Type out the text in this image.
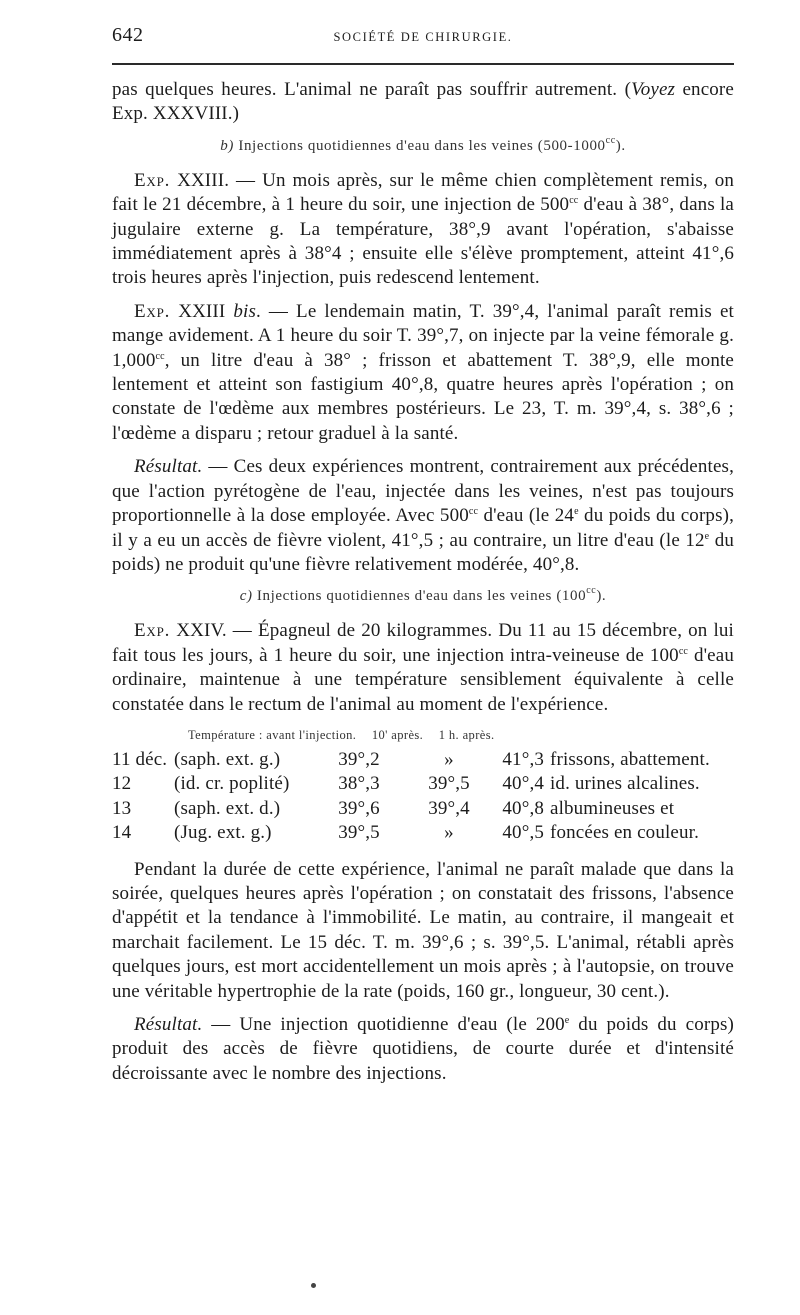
642	SOCIÉTÉ DE CHIRURGIE.

pas quelques heures. L'animal ne paraît pas souffrir autrement. (Voyez encore Exp. XXXVIII.)

b) Injections quotidiennes d'eau dans les veines $(500-1000^{cc})$.

Exp. XXIII. — Un mois après, sur le même chien complètement remis, on fait le 21 décembre, à 1 heure du soir, une injection de $500^{cc}$ d'eau à 38°, dans la jugulaire externe g. La température, 38°,9 avant l'opération, s'abaisse immédiatement après à 38°4 ; ensuite elle s'élève promptement, atteint 41°,6 trois heures après l'injection, puis redescend lentement.

Exp. XXIII bis. — Le lendemain matin, T. 39°,4, l'animal paraît remis et mange avidement. A 1 heure du soir T. 39°,7, on injecte par la veine fémorale g. 1,000$^{cc}$, un litre d'eau à 38° ; frisson et abattement T. 38°,9, elle monte lentement et atteint son fastigium 40°,8, quatre heures après l'opération ; on constate de l'œdème aux membres postérieurs. Le 23, T. m. 39°,4, s. 38°,6 ; l'œdème a disparu ; retour graduel à la santé.

Résultat. — Ces deux expériences montrent, contrairement aux précédentes, que l'action pyrétogène de l'eau, injectée dans les veines, n'est pas toujours proportionnelle à la dose employée. Avec $500^{cc}$ d'eau (le 24e du poids du corps), il y a eu un accès de fièvre violent, 41°,5 ; au contraire, un litre d'eau (le 12e du poids) ne produit qu'une fièvre relativement modérée, 40°,8.

c) Injections quotidiennes d'eau dans les veines $(100^{cc})$.

Exp. XXIV. — Épagneul de 20 kilogrammes. Du 11 au 15 décembre, on lui fait tous les jours, à 1 heure du soir, une injection intra-veineuse de $100^{cc}$ d'eau ordinaire, maintenue à une température sensiblement équivalente à celle constatée dans le rectum de l'animal au moment de l'expérience.

Température : avant l'injection. 10' après. 1 h. après.

11 déc.	(saph. ext. g.)	39°,2	»	41°,3	frissons, abattement.
12	(id. cr. poplité)	38°,3	39°,5	40°,4	id. urines alcalines.
13	(saph. ext. d.)	39°,6	39°,4	40°,8	albumineuses et
14	(Jug. ext. g.)	39°,5	»	40°,5	foncées en couleur.

Pendant la durée de cette expérience, l'animal ne paraît malade que dans la soirée, quelques heures après l'opération ; on constatait des frissons, l'absence d'appétit et la tendance à l'immobilité. Le matin, au contraire, il mangeait et marchait facilement. Le 15 déc. T. m. 39°,6 ; s. 39°,5. L'animal, rétabli après quelques jours, est mort accidentellement un mois après ; à l'autopsie, on trouve une véritable hypertrophie de la rate (poids, 160 gr., longueur, 30 cent.).

Résultat. — Une injection quotidienne d'eau (le 200e du poids du corps) produit des accès de fièvre quotidiens, de courte durée et d'intensité décroissante avec le nombre des injections.
